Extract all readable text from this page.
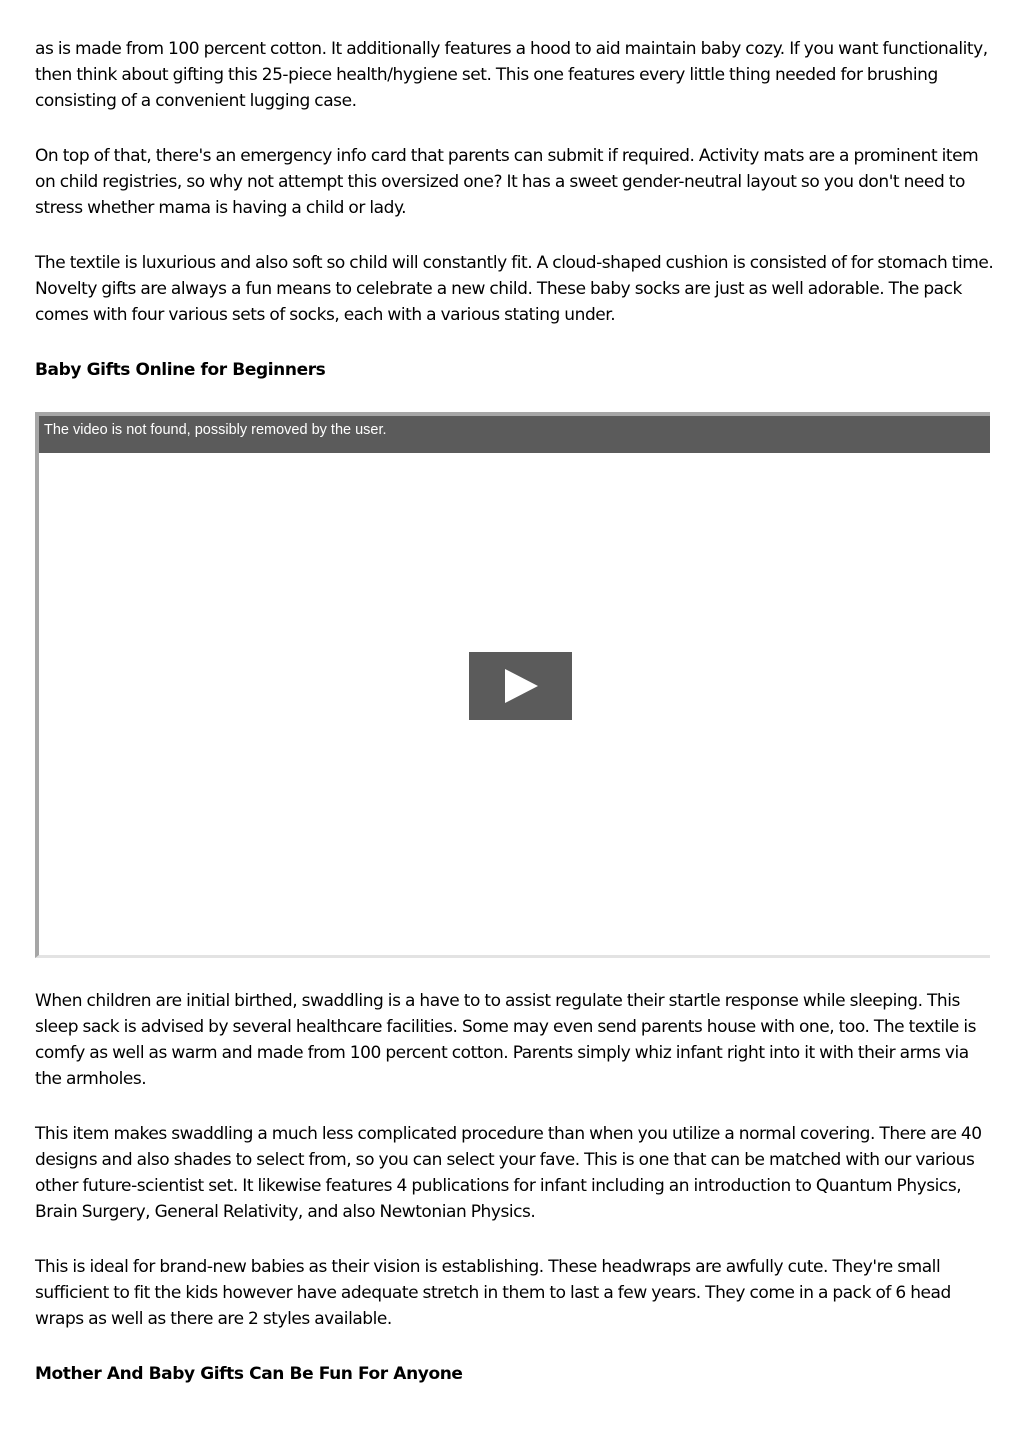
as is made from 100 percent cotton. It additionally features a hood to aid maintain baby cozy. If you want functionality, then think about gifting this 25-piece health/hygiene set. This one features every little thing needed for brushing consisting of a convenient lugging case.

On top of that, there's an emergency info card that parents can submit if required. Activity mats are a prominent item on child registries, so why not attempt this oversized one? It has a sweet gender-neutral layout so you don't need to stress whether mama is having a child or lady.

The textile is luxurious and also soft so child will constantly fit. A cloud-shaped cushion is consisted of for stomach time. Novelty gifts are always a fun means to celebrate a new child. These baby socks are just as well adorable. The pack comes with four various sets of socks, each with a various stating under.

Baby Gifts Online for Beginners
The video is not found, possibly removed by the user.

When children are initial birthed, swaddling is a have to to assist regulate their startle response while sleeping. This sleep sack is advised by several healthcare facilities. Some may even send parents house with one, too. The textile is comfy as well as warm and made from 100 percent cotton. Parents simply whiz infant right into it with their arms via the armholes.

This item makes swaddling a much less complicated procedure than when you utilize a normal covering. There are 40 designs and also shades to select from, so you can select your fave. This is one that can be matched with our various other future-scientist set. It likewise features 4 publications for infant including an introduction to Quantum Physics, Brain Surgery, General Relativity, and also Newtonian Physics.

This is ideal for brand-new babies as their vision is establishing. These headwraps are awfully cute. They're small sufficient to fit the kids however have adequate stretch in them to last a few years. They come in a pack of 6 head wraps as well as there are 2 styles available.

Mother And Baby Gifts Can Be Fun For Anyone
